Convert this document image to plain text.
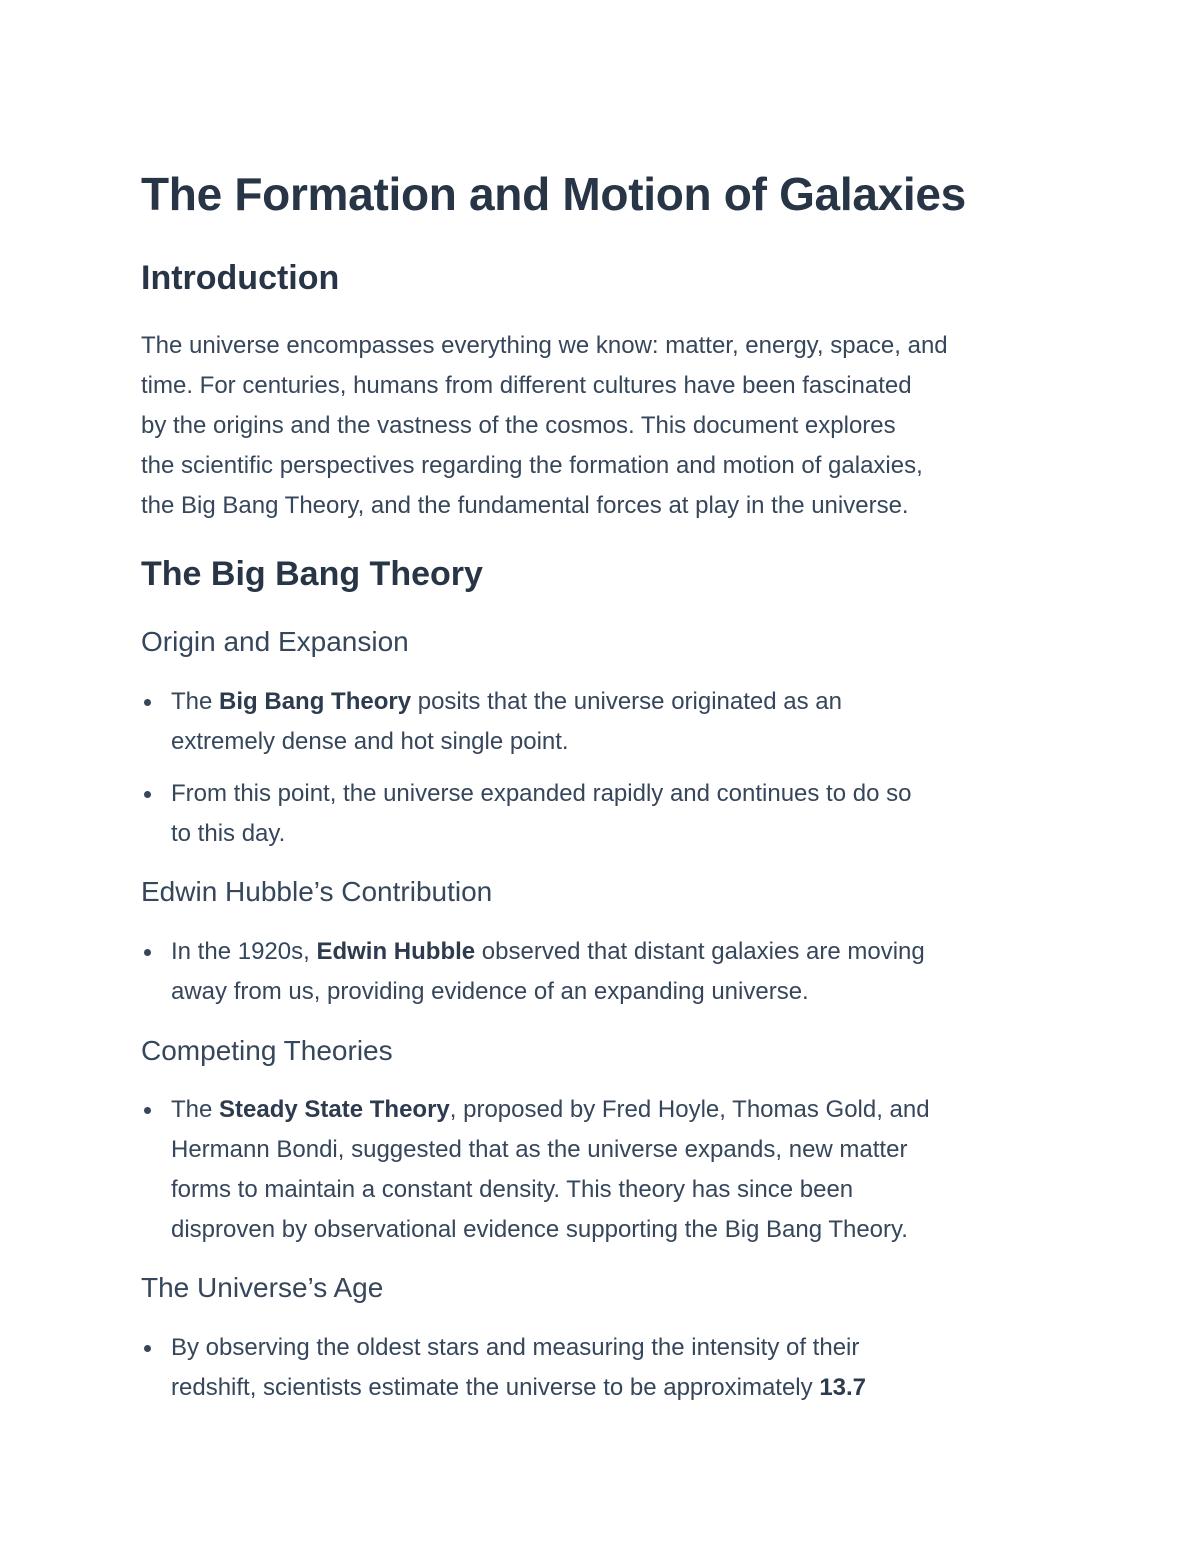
The Formation and Motion of Galaxies
Introduction

The universe encompasses everything we know: matter, energy, space, and
time. For centuries, humans from different cultures have been fascinated
by the origins and the vastness of the cosmos. This document explores
the scientific perspectives regarding the formation and motion of galaxies,
the Big Bang Theory, and the fundamental forces at play in the universe.

The Big Bang Theory
Origin and Expansion
The Big Bang Theory posits that the universe originated as an
extremely dense and hot single point.
From this point, the universe expanded rapidly and continues to do so
to this day.
Edwin Hubble’s Contribution
In the 1920s, Edwin Hubble observed that distant galaxies are moving
away from us, providing evidence of an expanding universe.
Competing Theories
The Steady State Theory, proposed by Fred Hoyle, Thomas Gold, and
Hermann Bondi, suggested that as the universe expands, new matter
forms to maintain a constant density. This theory has since been
disproven by observational evidence supporting the Big Bang Theory.
The Universe’s Age
By observing the oldest stars and measuring the intensity of their
redshift, scientists estimate the universe to be approximately 13.7
